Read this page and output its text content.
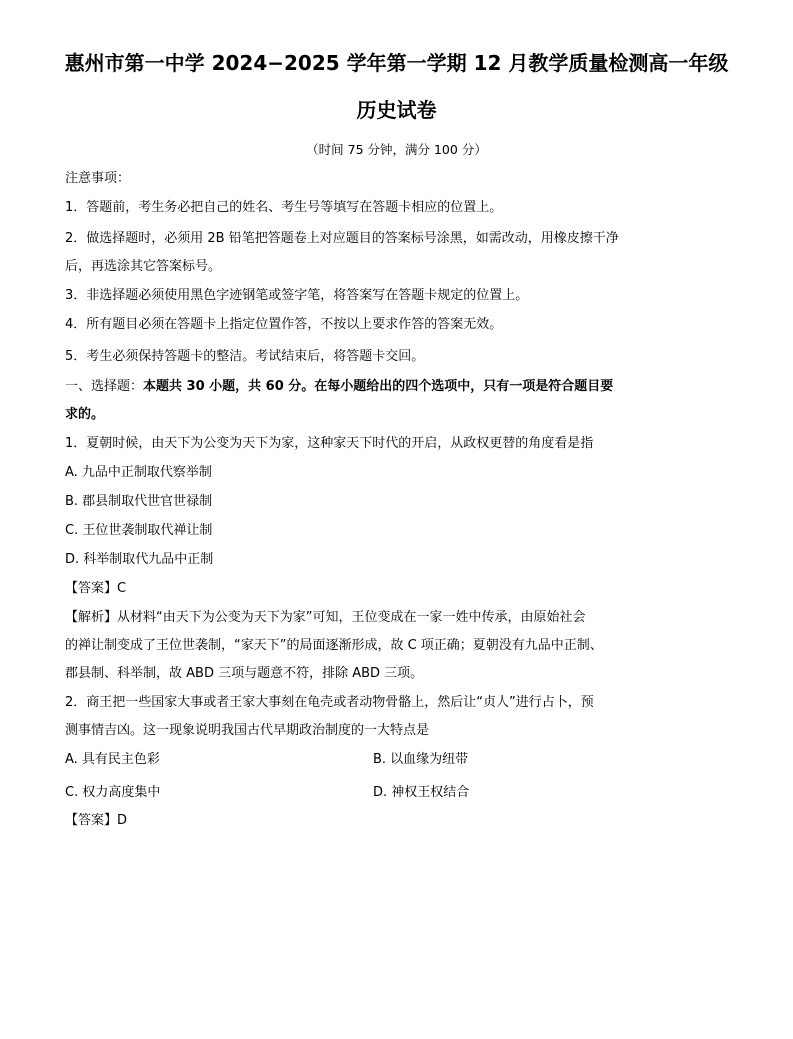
惠州市第一中学 2024−2025 学年第一学期 12 月教学质量检测高一年级
历史试卷
（时间 75 分钟，满分 100 分）
注意事项：
1．答题前，考生务必把自己的姓名、考生号等填写在答题卡相应的位置上。
2．做选择题时，必须用 2B 铅笔把答题卷上对应题目的答案标号涂黑，如需改动，用橡皮擦干净
后，再选涂其它答案标号。
3．非选择题必须使用黑色字迹钢笔或签字笔，将答案写在答题卡规定的位置上。
4．所有题目必须在答题卡上指定位置作答，不按以上要求作答的答案无效。
5．考生必须保持答题卡的整洁。考试结束后，将答题卡交回。
一、选择题：本题共 30 小题，共 60 分。在每小题给出的四个选项中，只有一项是符合题目要
求的。
1．夏朝时候，由天下为公变为天下为家，这种家天下时代的开启，从政权更替的角度看是指
A. 九品中正制取代察举制
B. 郡县制取代世官世禄制
C. 王位世袭制取代禅让制
D. 科举制取代九品中正制
【答案】C
【解析】从材料“由天下为公变为天下为家”可知，王位变成在一家一姓中传承，由原始社会
的禅让制变成了王位世袭制，“家天下”的局面逐渐形成，故 C 项正确；夏朝没有九品中正制、
郡县制、科举制，故 ABD 三项与题意不符，排除 ABD 三项。
2．商王把一些国家大事或者王家大事刻在龟壳或者动物骨骼上，然后让“贞人”进行占卜，预
测事情吉凶。这一现象说明我国古代早期政治制度的一大特点是
A. 具有民主色彩	B. 以血缘为纽带
C. 权力高度集中	D. 神权王权结合
【答案】D
